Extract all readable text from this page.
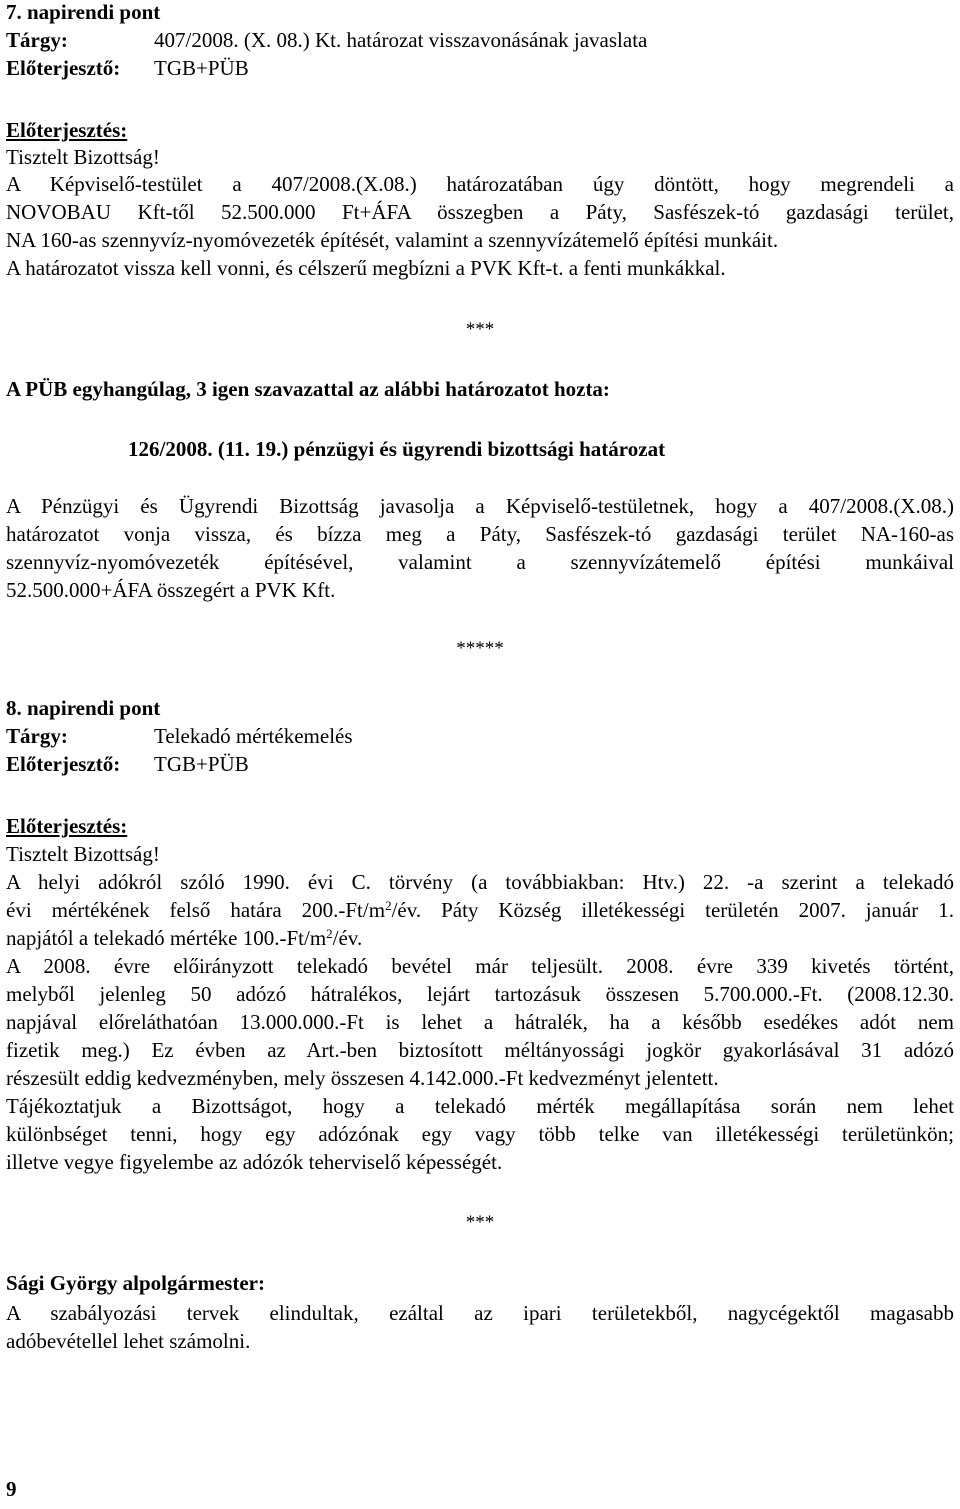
7. napirendi pont
Tárgy:	407/2008. (X. 08.) Kt. határozat visszavonásának javaslata
Előterjesztő: TGB+PÜB
Előterjesztés:
Tisztelt Bizottság!
A Képviselő-testület a 407/2008.(X.08.) határozatában úgy döntött, hogy megrendeli a
NOVOBAU Kft-től 52.500.000 Ft+ÁFA összegben a Páty, Sasfészek-tó gazdasági terület,
NA 160-as szennyvíz-nyomóvezeték építését, valamint a szennyvízátemelő építési munkáit.
A határozatot vissza kell vonni, és célszerű megbízni a PVK Kft-t. a fenti munkákkal.
***
A PÜB egyhangúlag, 3 igen szavazattal az alábbi határozatot hozta:
126/2008. (11. 19.) pénzügyi és ügyrendi bizottsági határozat
A Pénzügyi és Ügyrendi Bizottság javasolja a Képviselő-testületnek, hogy a 407/2008.(X.08.)
határozatot vonja vissza, és bízza meg a Páty, Sasfészek-tó gazdasági terület NA-160-as
szennyvíz-nyomóvezeték építésével, valamint a szennyvízátemelő építési munkáival
52.500.000+ÁFA összegért a PVK Kft.
*****
8. napirendi pont
Tárgy:	Telekadó mértékemelés
Előterjesztő: TGB+PÜB
Előterjesztés:
Tisztelt Bizottság!
A helyi adókról szóló 1990. évi C. törvény (a továbbiakban: Htv.) 22. -a szerint a telekadó
évi mértékének felső határa $200.-Ft/m^2/év$. Páty Község illetékességi területén 2007. január 1.
napjától a telekadó mértéke $100.-Ft/m^2/év$.
A 2008. évre előirányzott telekadó bevétel már teljesült. 2008. évre 339 kivetés történt,
melyből jelenleg 50 adózó hátralékos, lejárt tartozásuk összesen 5.700.000.-Ft. (2008.12.30.
napjával előreláthatóan 13.000.000.-Ft is lehet a hátralék, ha a később esedékes adót nem
fizetik meg.) Ez évben az Art.-ben biztosított méltányossági jogkör gyakorlásával 31 adózó
részesült eddig kedvezményben, mely összesen 4.142.000.-Ft kedvezményt jelentett.
Tájékoztatjuk a Bizottságot, hogy a telekadó mérték megállapítása során nem lehet
különbséget tenni, hogy egy adózónak egy vagy több telke van illetékességi területünkön;
illetve vegye figyelembe az adózók teherviselő képességét.
***
Sági György alpolgármester:
A szabályozási tervek elindultak, ezáltal az ipari területekből, nagycégektől magasabb
adóbevétellel lehet számolni.
9
